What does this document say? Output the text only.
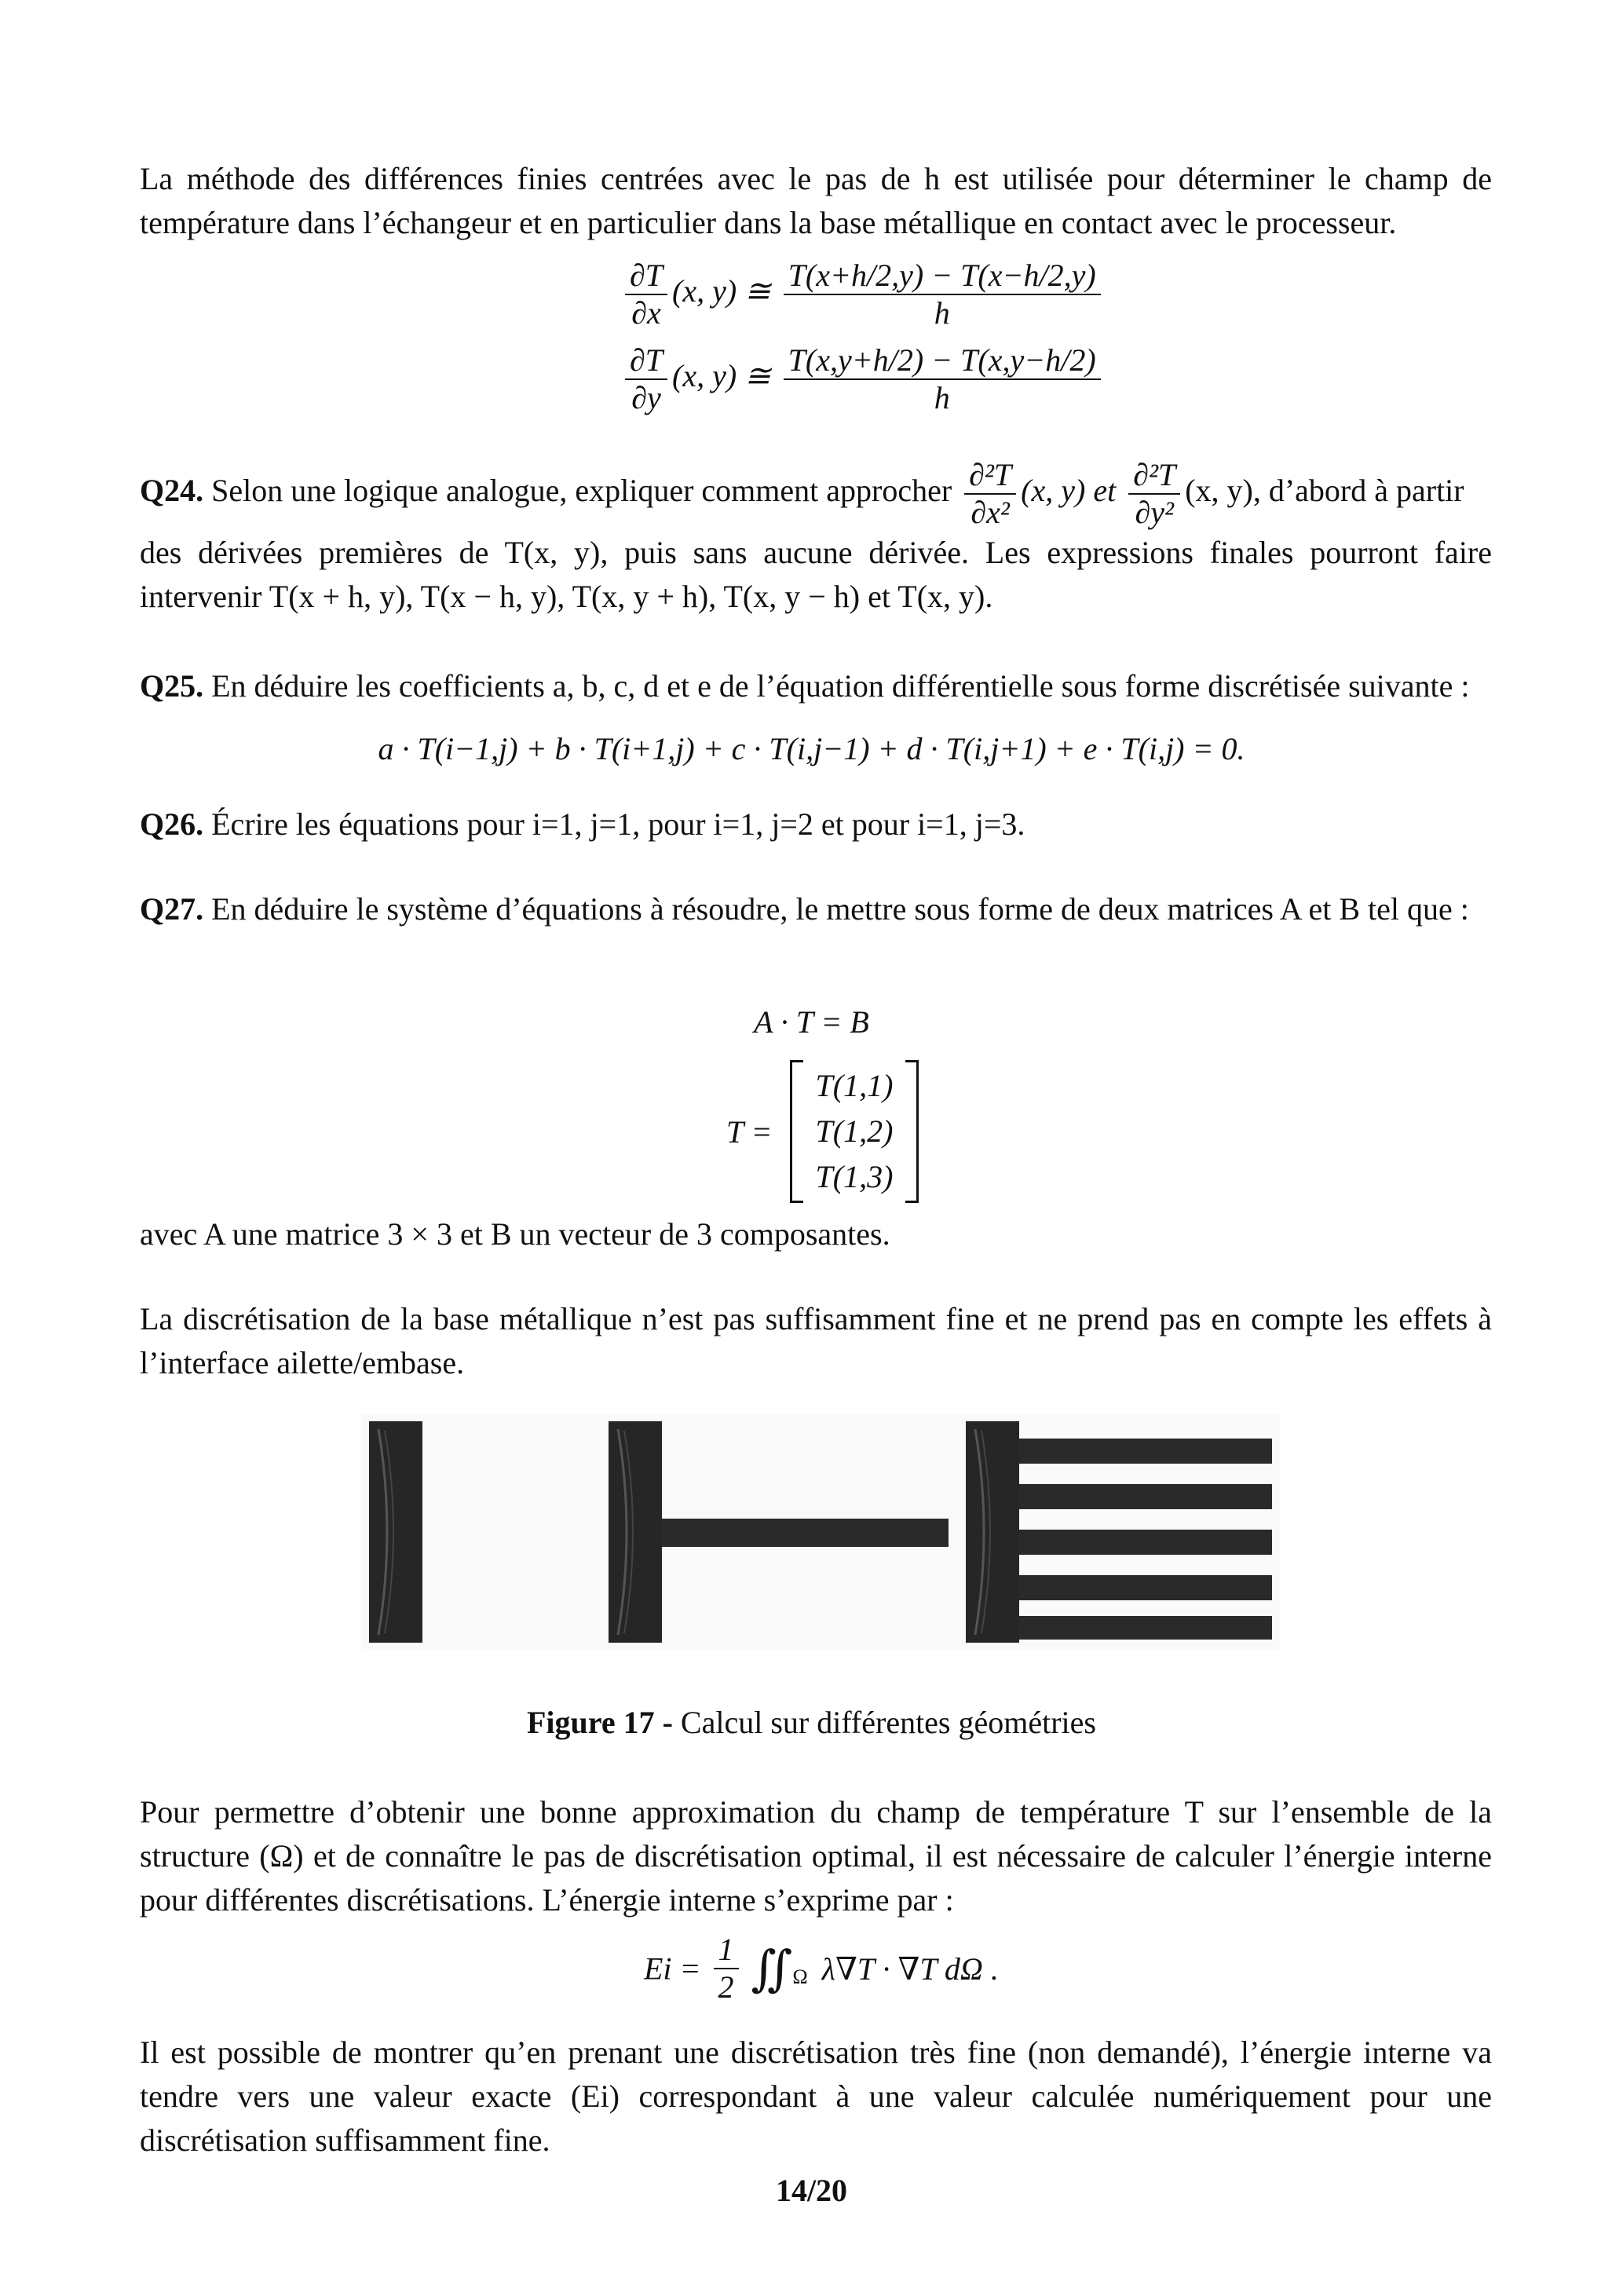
La méthode des différences finies centrées avec le pas de h est utilisée pour déterminer le champ de température dans l’échangeur et en particulier dans la base métallique en contact avec le processeur.
$\frac{\partial T}{\partial x} (x$, y) ≅ $\frac{T(x+h/2,y) - T(x-h/2,y)}{h}$
$\frac{\partial T}{\partial y} (x$, y) ≅ $\frac{T(x,y+h/2) - T(x,y-h/2)}{h}$
Q24. Selon une logique analogue, expliquer comment approcher $\frac{\text{∂²T}}{\text{∂x²}} (x$, y) et $\frac{\text{∂²T}}{\text{∂y²}} (x$, y), d’abord à partir
des dérivées premières de T(x, y), puis sans aucune dérivée. Les expressions finales pourront faire intervenir T(x + h, y), T(x − h, y), T(x, y + h), T(x, y − h) et T(x, y).
Q25. En déduire les coefficients a, b, c, d et e de l’équation différentielle sous forme discrétisée suivante :
a · T(i−1,j) + b · T(i+1,j) + c · T(i,j−1) + d · T(i,j+1) + e · T(i,j) = 0.
Q26. Écrire les équations pour i=1, j=1, pour i=1, j=2 et pour i=1, j=3.
Q27. En déduire le système d’équations à résoudre, le mettre sous forme de deux matrices A et B tel que :
A · T = B
T =
T(1,1)
T(1,2)
T(1,3)
avec A une matrice 3 × 3 et B un vecteur de 3 composantes.
La discrétisation de la base métallique n’est pas suffisamment fine et ne prend pas en compte les effets à l’interface ailette/embase.
Figure 17 - Calcul sur différentes géométries
Pour permettre d’obtenir une bonne approximation du champ de température T sur l’ensemble de la structure (Ω) et de connaître le pas de discrétisation optimal, il est nécessaire de calculer l’énergie interne pour différentes discrétisations. L’énergie interne s’exprime par :
$Ei = \frac{1}{2}$ $∬_\Omega$ λ∇T · ∇T dΩ .
Il est possible de montrer qu’en prenant une discrétisation très fine (non demandé), l’énergie interne va tendre vers une valeur exacte (Ei) correspondant à une valeur calculée numériquement pour une discrétisation suffisamment fine.
14/20
